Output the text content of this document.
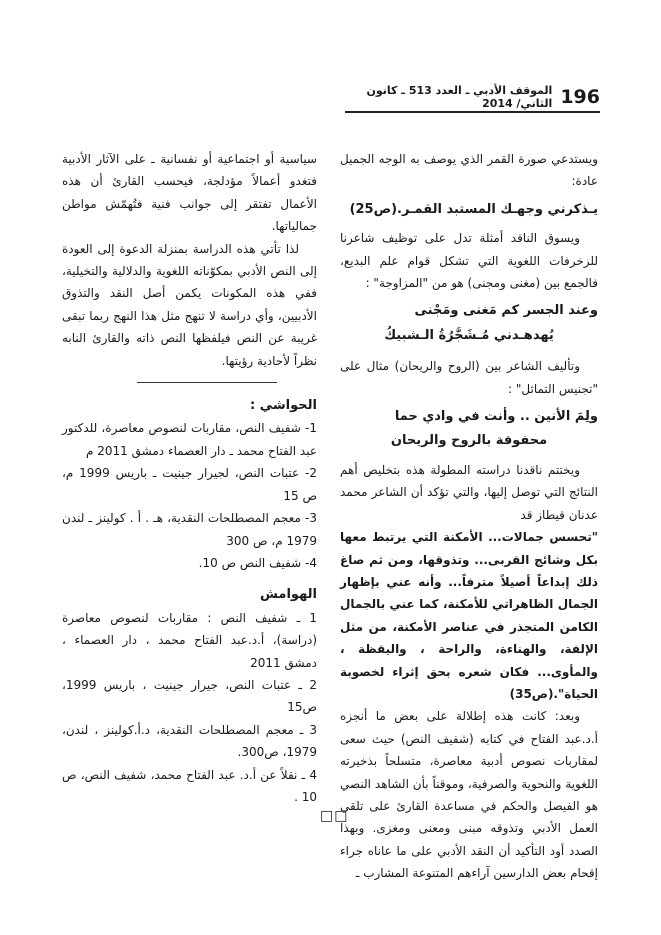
196
الموقف الأدبي ـ العدد 513 ـ كانون الثاني/ 2014

ويستدعي صورة القمر الذي يوصف به الوجه الجميل عادة:

يـذكرني وجهـك المستبد القمـر.(ص25)

ويسوق الناقد أمثلة تدل على توظيف شاعرنا للزخرفات اللغوية التي تشكل قوام علم البديع، فالجمع بين (مغنى ومجنى) هو من "المزاوجة" :

وعند الجسر كم مَغنى ومَجْنى

يُهدهـدني مُـشَجَّرُةُ الـشبيكُ

وتأليف الشاعر بين (الروح والريحان) مثال على "تجنيس التماثل" :

ولِمَ الأنين .. وأنت في وادي حما

محفوفة بالروح والريحان

ويختتم ناقدنا دراسته المطولة هذه بتخليص أهم النتائج التي توصل إليها، والتي تؤكد أن الشاعر محمد عدنان قيطاز قد

"تحسس جمالات... الأمكنة التي يرتبط معها بكل وشائج القربى... وتذوقها، ومن ثم صاغ ذلك إبداعاً أصيلاً مترفاً... وأنه عني بإظهار الجمال الظاهراتي للأمكنة، كما عني بالجمال الكامن المتجذر في عناصر الأمكنة، من مثل الإلفة، والهناءة، والراحة ، واليقظة ، والمأوى... فكان شعره بحق إثراء لخصوبة الحياة".(ص35)

وبعد: كانت هذه إطلالة على بعض ما أنجزه أ.د.عبد الفتاح في كتابه (شفيف النص) حيث سعى لمقاربات نصوص أدبية معاصرة، متسلحاً بذخيرته اللغوية والنحوية والصرفية، وموقناً بأن الشاهد النصي هو الفيصل والحكم في مساعدة القارئ على تلقي العمل الأدبي وتذوقه مبنى ومعنى ومغزى. وبهذا الصدد أود التأكيد أن النقد الأدبي على ما عاناه جراء إقحام بعض الدارسين آراءهم المتنوعة المشارب ـ

سياسية أو اجتماعية أو نفسانية ـ على الآثار الأدبية فتغدو أعمالاً مؤدلجة، فيحسب القارئ أن هذه الأعمال تفتقر إلى جوانب فنية فتُهمّش مواطن جمالياتها.

لذا تأتي هذه الدراسة بمنزلة الدعوة إلى العودة إلى النص الأدبي بمكوّناته اللغوية والدلالية والتخيلية، ففي هذه المكونات يكمن أصل النقد والتذوق الأدبيين، وأي دراسة لا تنهج مثل هذا النهج ربما تبقى غريبة عن النص فيلفظها النص ذاته والقارئ النابه نظراً لأحادية رؤيتها.

الحواشي :

1- شفيف النص، مقاربات لنصوص معاصرة، للدكتور عبد الفتاح محمد ـ دار العصماء دمشق 2011 م
2- عتبات النص، لجيرار جينيت ـ باريس 1999 م، ص 15
3- معجم المصطلحات النقدية، هـ . أ . كولينز ـ لندن 1979 م، ص 300
4- شفيف النص ص 10.

الهوامش

1 ـ شفيف النص : مقاربات لنصوص معاصرة (دراسة)، أ.د.عبد الفتاح محمد ، دار العصماء ، دمشق 2011
2 ـ عتبات النص، جيرار جينيت ، باريس 1999، ص15
3 ـ معجم المصطلحات النقدية، د.أ.كولينز ، لندن، 1979، ص300.
4 ـ نقلاً عن أ.د. عبد الفتاح محمد، شفيف النص، ص 10 .
□□
